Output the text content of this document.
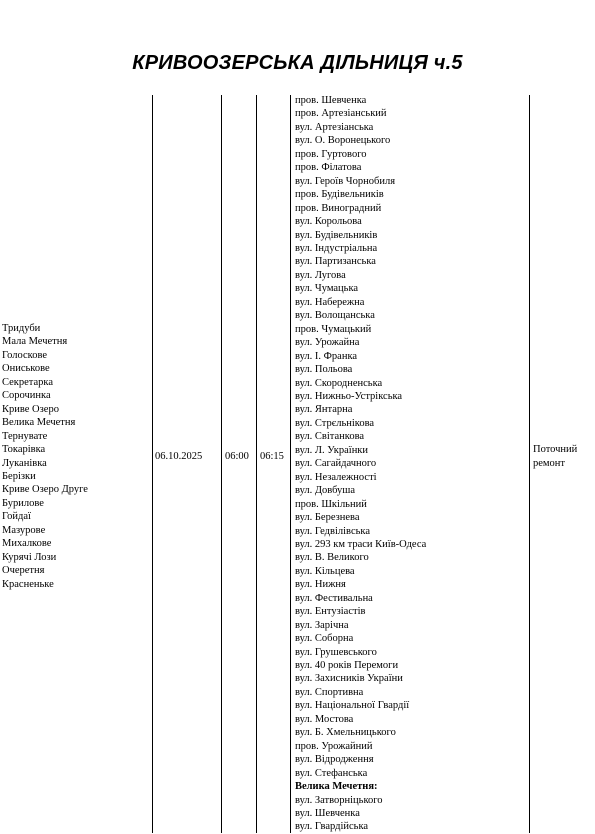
КРИВООЗЕРСЬКА ДІЛЬНИЦЯ ч.5
Тридуби
Мала Мечетня
Голоскове
Ониськове
Секретарка
Сорочинка
Криве Озеро
Велика Мечетня
Тернувате
Токарівка
Луканівка
Берізки
Криве Озеро Друге
Бурилове
Гойдаї
Мазурове
Михалкове
Курячі Лози
Очеретня
Красненьке
06.10.2025 06:00 06:15
Поточний ремонт
пров. Шевченка
пров. Артезіанський
вул. Артезіанська
вул. О. Воронецького
пров. Гуртового
пров. Філатова
вул. Героїв Чорнобиля
пров. Будівельників
пров. Виноградний
вул. Корольова
вул. Будівельників
вул. Індустріальна
вул. Партизанська
вул. Лугова
вул. Чумацька
вул. Набережна
вул. Волощанська
пров. Чумацький
вул. Урожайна
вул. І. Франка
вул. Польова
вул. Скородненська
вул. Нижньо-Устрікська
вул. Янтарна
вул. Стрєльнікова
вул. Світанкова
вул. Л. Українки
вул. Сагайдачного
вул. Незалежності
вул. Довбуша
пров. Шкільний
вул. Березнева
вул. Гедвілівська
вул. 293 км траси Київ-Одеса
вул. В. Великого
вул. Кільцева
вул. Нижня
вул. Фестивальна
вул. Ентузіастів
вул. Зарічна
вул. Соборна
вул. Грушевського
вул. 40 років Перемоги
вул. Захисників України
вул. Спортивна
вул. Національної Гвардії
вул. Мостова
вул. Б. Хмельницького
пров. Урожайний
вул. Відродження
вул. Стефанська
Велика Мечетня:
вул. Затворніцького
вул. Шевченка
вул. Гвардійська
